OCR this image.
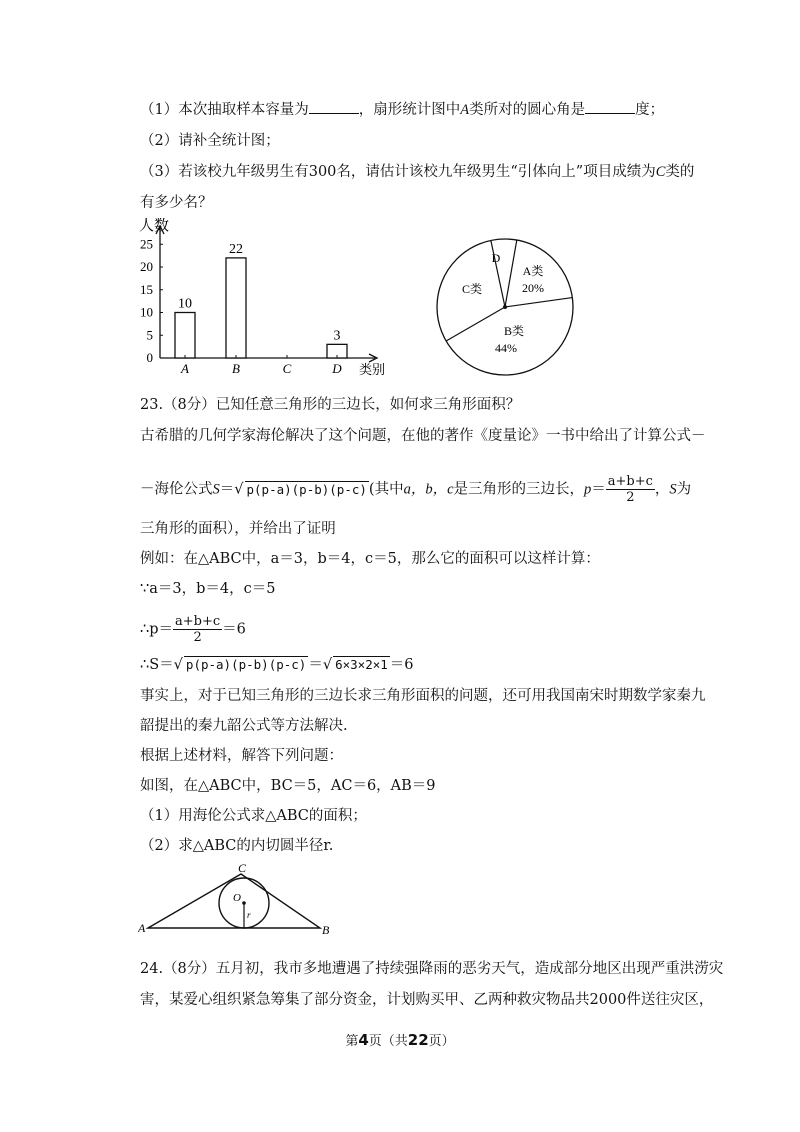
（1）本次抽取样本容量为	，扇形统计图中A类所对的圆心角是	度；
（2）请补全统计图；
（3）若该校九年级男生有300名，请估计该校九年级男生“引体向上”项目成绩为C类的
有多少名？
人数
类别
0
5
10
15
20
25
10
A
22
B	C
3
D
A类
20%
B类
44%
C类
D
23.（8分）已知任意三角形的三边长，如何求三角形面积？
古希腊的几何学家海伦解决了这个问题，在他的著作《度量论》一书中给出了计算公式－
－海伦公式S＝√ p(p-a)(p-b)(p-c) (其中a，b，c是三角形的三边长，$p= \frac{a+b+c}{2}$ ，S为
三角形的面积），并给出了证明
例如：在△ABC中，a＝3，b＝4，c＝5，那么它的面积可以这样计算：
∵a＝3，b＝4，c＝5
∴p＝ $\frac{a+b+c}{2} =6$
∴S＝√ p(p-a)(p-b)(p-c) ＝√ 6×3×2×1 ＝6
事实上，对于已知三角形的三边长求三角形面积的问题，还可用我国南宋时期数学家秦九
韶提出的秦九韶公式等方法解决.
根据上述材料，解答下列问题：
如图，在△ABC中，BC＝5，AC＝6，AB＝9
（1）用海伦公式求△ABC的面积；
（2）求△ABC的内切圆半径r.
A	B
C
O
r
24.（8分）五月初，我市多地遭遇了持续强降雨的恶劣天气，造成部分地区出现严重洪涝灾
害，某爱心组织紧急筹集了部分资金，计划购买甲、乙两种救灾物品共2000件送往灾区，
第4页（共22页）
